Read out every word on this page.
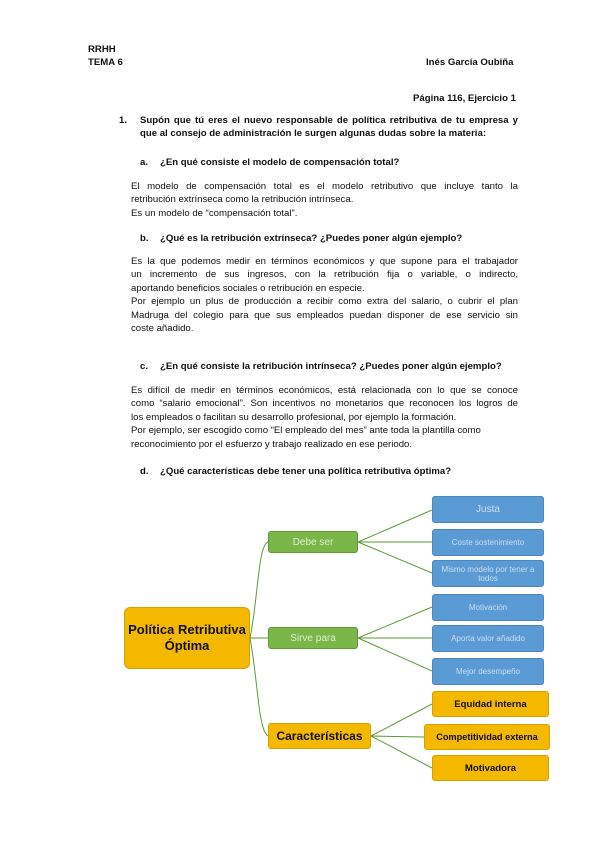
RRHH
TEMA 6	Inés García Oubiña
Página 116, Ejercicio 1
1. Supón que tú eres el nuevo responsable de política retributiva de tu empresa y
que al consejo de administración le surgen algunas dudas sobre la materia:
a. ¿En qué consiste el modelo de compensación total?
El modelo de compensación total es el modelo retributivo que incluye tanto la
retribución extrínseca como la retribución intrínseca.
Es un modelo de “compensación total”.
b. ¿Qué es la retribución extrínseca? ¿Puedes poner algún ejemplo?
Es la que podemos medir en términos económicos y que supone para el trabajador
un incremento de sus ingresos, con la retribución fija o variable, o indirecto,
aportando beneficios sociales o retribución en especie.
Por ejemplo un plus de producción a recibir como extra del salario, o cubrir el plan
Madruga del colegio para que sus empleados puedan disponer de ese servicio sin
coste añadido.
c. ¿En qué consiste la retribución intrínseca? ¿Puedes poner algún ejemplo?
Es difícil de medir en términos económicos, está relacionada con lo que se conoce
como “salario emocional”. Son incentivos no monetarios que reconocen los logros de
los empleados o facilitan su desarrollo profesional, por ejemplo la formación.
Por ejemplo, ser escogido como “El empleado del mes” ante toda la plantilla como
reconocimiento por el esfuerzo y trabajo realizado en ese periodo.
d. ¿Qué características debe tener una política retributiva óptima?
Política Retributiva Óptima
Debe ser
Justa
Coste sostenimiento
Mismo modelo por tener a todos
Sirve para
Motivación
Aporta valor añadido
Mejor desempeño
Características
Equidad interna
Competitividad externa
Motivadora
